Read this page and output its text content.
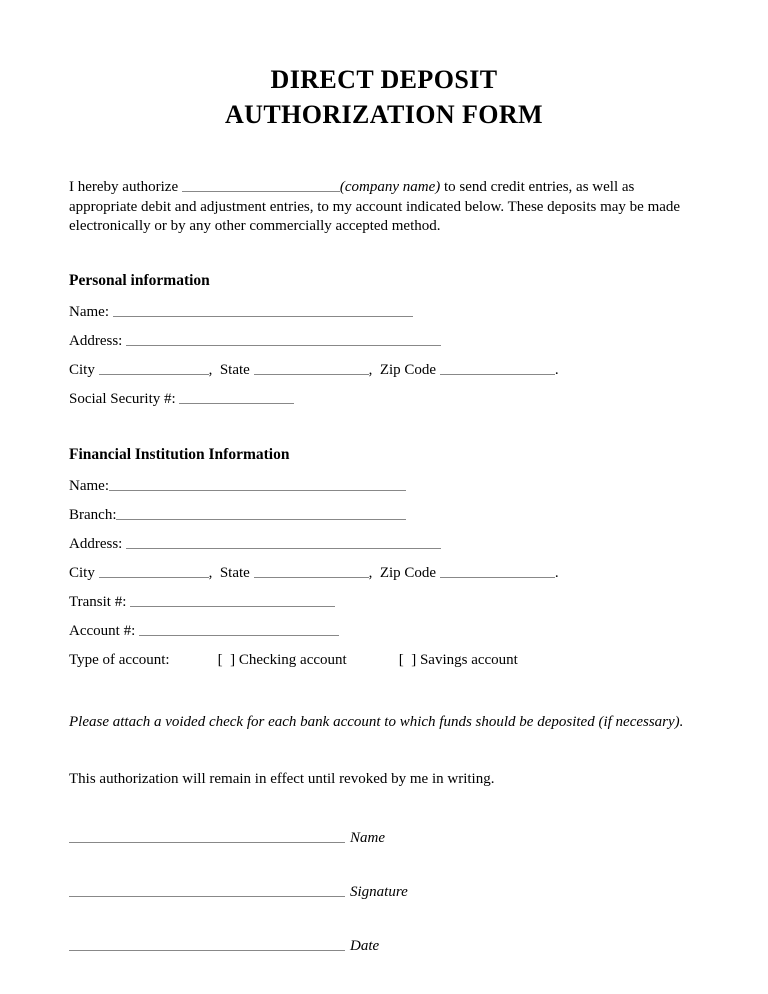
DIRECT DEPOSIT
AUTHORIZATION FORM

I hereby authorize	(company name) to send credit entries, as well as appropriate debit and adjustment entries, to my account indicated below. These deposits may be made electronically or by any other commercially accepted method.

Personal information
Name:
Address:
City	,  State	,  Zip Code	.
Social Security #:
Financial Institution Information
Name:
Branch:
Address:
City	,  State	,  Zip Code	.
Transit #:
Account #:
Type of account:	[  ] Checking account	[  ] Savings account
Please attach a voided check for each bank account to which funds should be deposited (if necessary).
This authorization will remain in effect until revoked by me in writing.
Name
Signature
Date
